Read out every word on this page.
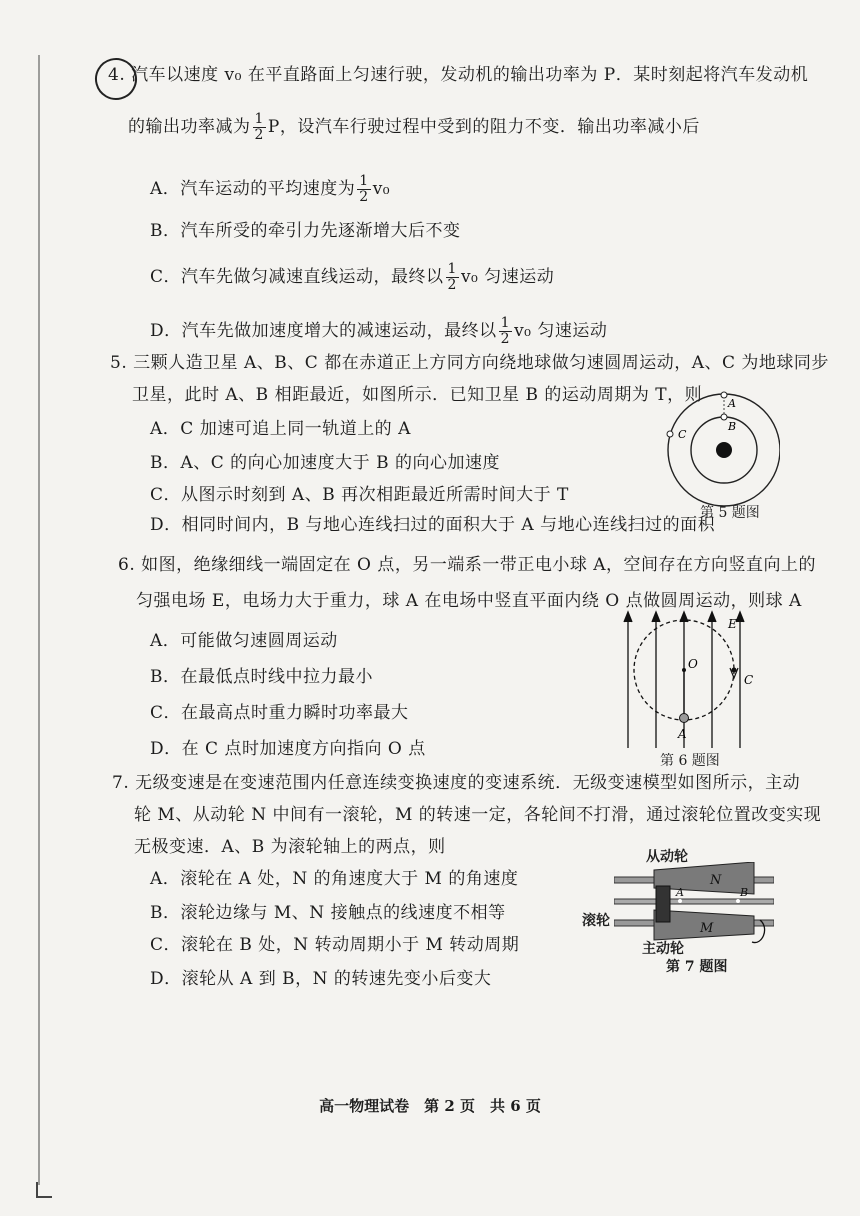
4. 汽车以速度 v₀ 在平直路面上匀速行驶，发动机的输出功率为 P．某时刻起将汽车发动机
的输出功率减为 $\frac{1}{2}$ P，设汽车行驶过程中受到的阻力不变．输出功率减小后
A．汽车运动的平均速度为 $\frac{1}{2} v_0$
B．汽车所受的牵引力先逐渐增大后不变
C．汽车先做匀减速直线运动，最终以 $\frac{1}{2} v_0$ 匀速运动
D．汽车先做加速度增大的减速运动，最终以 $\frac{1}{2} v_0$ 匀速运动
5. 三颗人造卫星 A、B、C 都在赤道正上方同方向绕地球做匀速圆周运动，A、C 为地球同步
卫星，此时 A、B 相距最近，如图所示．已知卫星 B 的运动周期为 T，则
A．C 加速可追上同一轨道上的 A
B．A、C 的向心加速度大于 B 的向心加速度
C．从图示时刻到 A、B 再次相距最近所需时间大于 T
D．相同时间内，B 与地心连线扫过的面积大于 A 与地心连线扫过的面积
A
B
C
第 5 题图
6. 如图，绝缘细线一端固定在 O 点，另一端系一带正电小球 A，空间存在方向竖直向上的
匀强电场 E，电场力大于重力，球 A 在电场中竖直平面内绕 O 点做圆周运动，则球 A
A．可能做匀速圆周运动
B．在最低点时线中拉力最小
C．在最高点时重力瞬时功率最大
D．在 C 点时加速度方向指向 O 点
O
A
C
E
第 6 题图
7. 无级变速是在变速范围内任意连续变换速度的变速系统．无级变速模型如图所示，主动
轮 M、从动轮 N 中间有一滚轮，M 的转速一定，各轮间不打滑，通过滚轮位置改变实现
无极变速．A、B 为滚轮轴上的两点，则
A．滚轮在 A 处，N 的角速度大于 M 的角速度
B．滚轮边缘与 M、N 接触点的线速度不相等
C．滚轮在 B 处，N 转动周期小于 M 转动周期
D．滚轮从 A 到 B，N 的转速先变小后变大
从动轮
滚轮
主动轮
N
M
A	B
第 7 题图
高一物理试卷　第 2 页　共 6 页
